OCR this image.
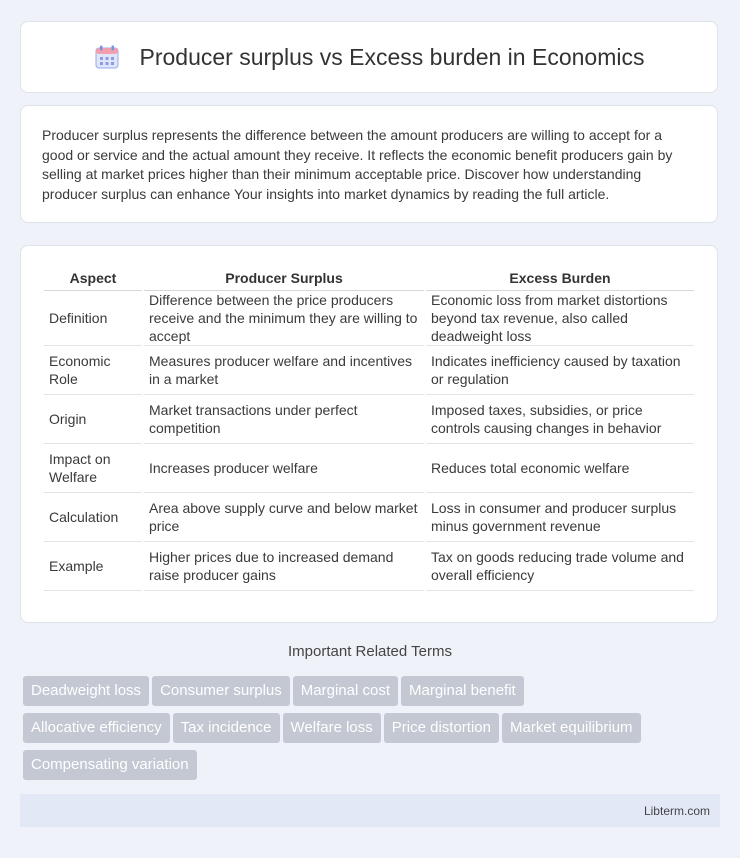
Producer surplus vs Excess burden in Economics

Producer surplus represents the difference between the amount producers are willing to accept for a good or service and the actual amount they receive. It reflects the economic benefit producers gain by selling at market prices higher than their minimum acceptable price. Discover how understanding producer surplus can enhance Your insights into market dynamics by reading the full article.

Aspect	Producer Surplus	Excess Burden
Definition	Difference between the price producers receive and the minimum they are willing to accept	Economic loss from market distortions beyond tax revenue, also called deadweight loss
Economic Role	Measures producer welfare and incentives in a market	Indicates inefficiency caused by taxation or regulation
Origin	Market transactions under perfect competition	Imposed taxes, subsidies, or price controls causing changes in behavior
Impact on Welfare	Increases producer welfare	Reduces total economic welfare
Calculation	Area above supply curve and below market price	Loss in consumer and producer surplus minus government revenue
Example	Higher prices due to increased demand raise producer gains	Tax on goods reducing trade volume and overall efficiency
Important Related Terms
Deadweight loss Consumer surplus Marginal cost Marginal benefit
Allocative efficiency Tax incidence Welfare loss Price distortion Market equilibrium
Compensating variation
Libterm.com
